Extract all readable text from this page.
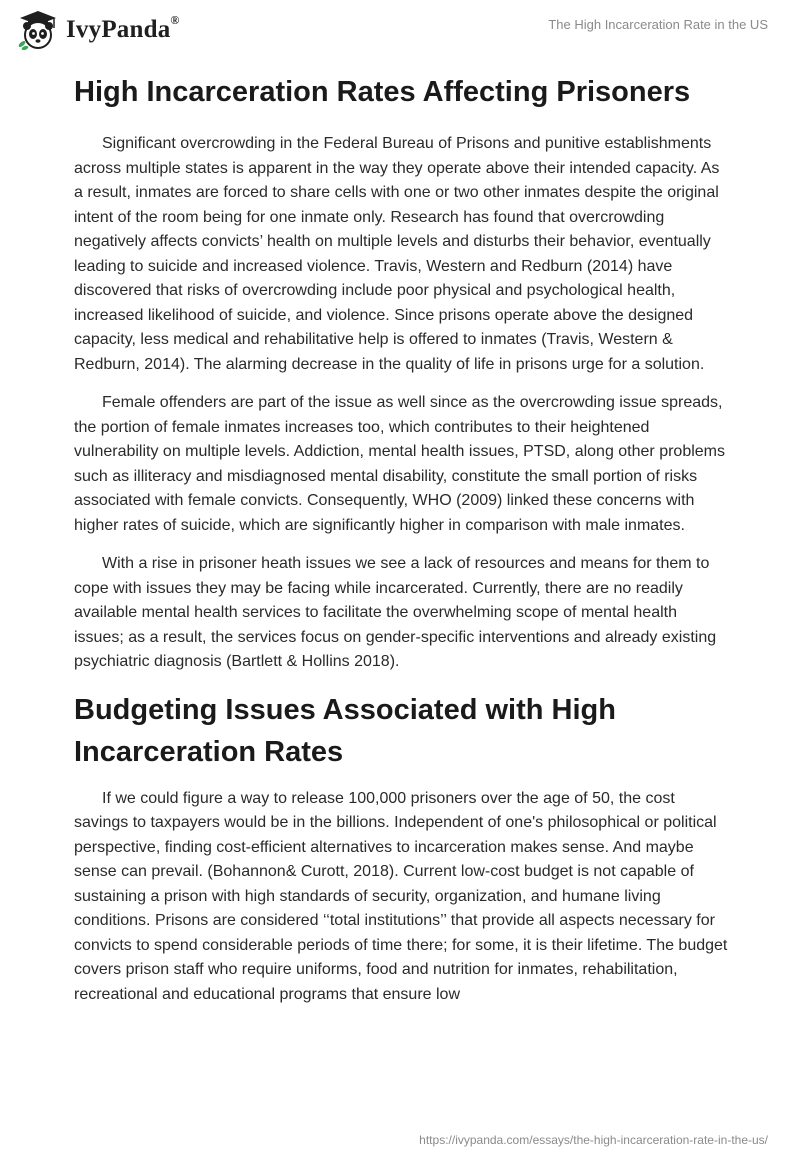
IvyPanda®	The High Incarceration Rate in the US
High Incarceration Rates Affecting Prisoners

Significant overcrowding in the Federal Bureau of Prisons and punitive establishments across multiple states is apparent in the way they operate above their intended capacity. As a result, inmates are forced to share cells with one or two other inmates despite the original intent of the room being for one inmate only. Research has found that overcrowding negatively affects convicts’ health on multiple levels and disturbs their behavior, eventually leading to suicide and increased violence. Travis, Western and Redburn (2014) have discovered that risks of overcrowding include poor physical and psychological health, increased likelihood of suicide, and violence. Since prisons operate above the designed capacity, less medical and rehabilitative help is offered to inmates (Travis, Western & Redburn, 2014). The alarming decrease in the quality of life in prisons urge for a solution.

Female offenders are part of the issue as well since as the overcrowding issue spreads, the portion of female inmates increases too, which contributes to their heightened vulnerability on multiple levels. Addiction, mental health issues, PTSD, along other problems such as illiteracy and misdiagnosed mental disability, constitute the small portion of risks associated with female convicts. Consequently, WHO (2009) linked these concerns with higher rates of suicide, which are significantly higher in comparison with male inmates.

With a rise in prisoner heath issues we see a lack of resources and means for them to cope with issues they may be facing while incarcerated. Currently, there are no readily available mental health services to facilitate the overwhelming scope of mental health issues; as a result, the services focus on gender-specific interventions and already existing psychiatric diagnosis (Bartlett & Hollins 2018).

Budgeting Issues Associated with High Incarceration Rates

If we could figure a way to release 100,000 prisoners over the age of 50, the cost savings to taxpayers would be in the billions. Independent of one's philosophical or political perspective, finding cost-efficient alternatives to incarceration makes sense. And maybe sense can prevail. (Bohannon& Curott, 2018). Current low-cost budget is not capable of sustaining a prison with high standards of security, organization, and humane living conditions. Prisons are considered ‘‘total institutions’’ that provide all aspects necessary for convicts to spend considerable periods of time there; for some, it is their lifetime. The budget covers prison staff who require uniforms, food and nutrition for inmates, rehabilitation, recreational and educational programs that ensure low

https://ivypanda.com/essays/the-high-incarceration-rate-in-the-us/
